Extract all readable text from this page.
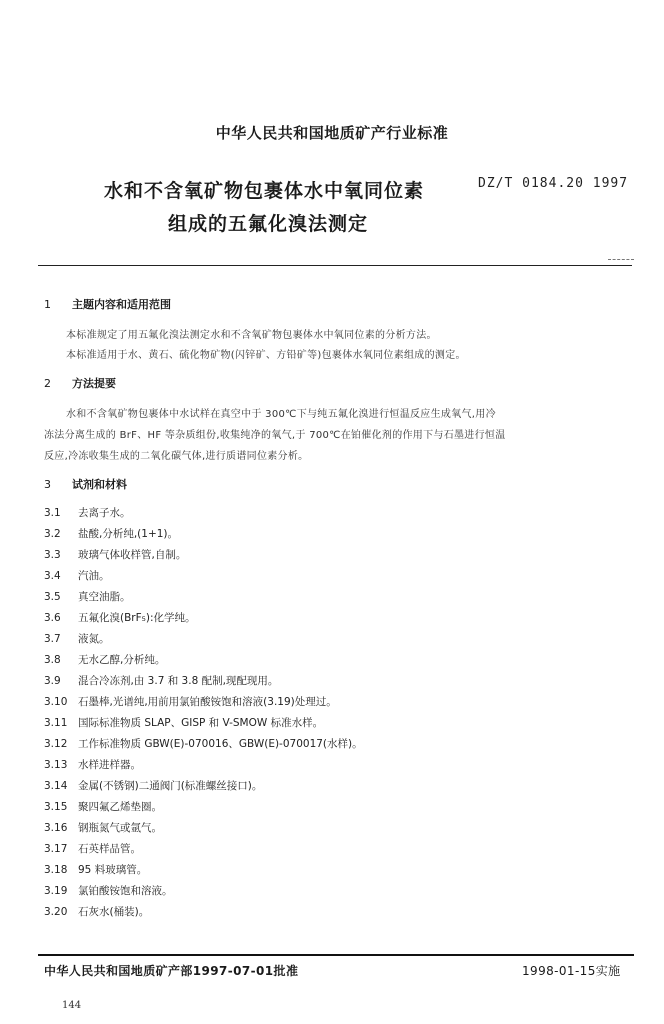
中华人民共和国地质矿产行业标准
水和不含氧矿物包裹体水中氧同位素
组成的五氟化溴法测定
DZ/T 0184.20 1997
1 主题内容和适用范围
本标准规定了用五氟化溴法测定水和不含氧矿物包裹体水中氧同位素的分析方法。
本标准适用于水、黄石、硫化物矿物(闪锌矿、方铅矿等)包裹体水氧同位素组成的测定。
2 方法提要
水和不含氧矿物包裹体中水试样在真空中于 300℃下与纯五氟化溴进行恒温反应生成氧气,用冷
冻法分离生成的 BrF、HF 等杂质组份,收集纯净的氧气,于 700℃在铂催化剂的作用下与石墨进行恒温
反应,冷冻收集生成的二氧化碳气体,进行质谱同位素分析。
3 试剂和材料
3.1 去离子水。
3.2 盐酸,分析纯,(1+1)。
3.3 玻璃气体收样管,自制。
3.4 汽油。
3.5 真空油脂。
3.6 五氟化溴(BrF₅):化学纯。
3.7 液氮。
3.8 无水乙醇,分析纯。
3.9 混合冷冻剂,由 3.7 和 3.8 配制,现配现用。
3.10 石墨棒,光谱纯,用前用氯铂酸铵饱和溶液(3.19)处理过。
3.11 国际标准物质 SLAP、GISP 和 V-SMOW 标准水样。
3.12 工作标准物质 GBW(E)-070016、GBW(E)-070017(水样)。
3.13 水样进样器。
3.14 金属(不锈钢)二通阀门(标准螺丝接口)。
3.15 聚四氟乙烯垫圈。
3.16 钢瓶氮气或氩气。
3.17 石英样品管。
3.18 95 料玻璃管。
3.19 氯铂酸铵饱和溶液。
3.20 石灰水(桶装)。
中华人民共和国地质矿产部1997-07-01批准	1998-01-15实施
144
